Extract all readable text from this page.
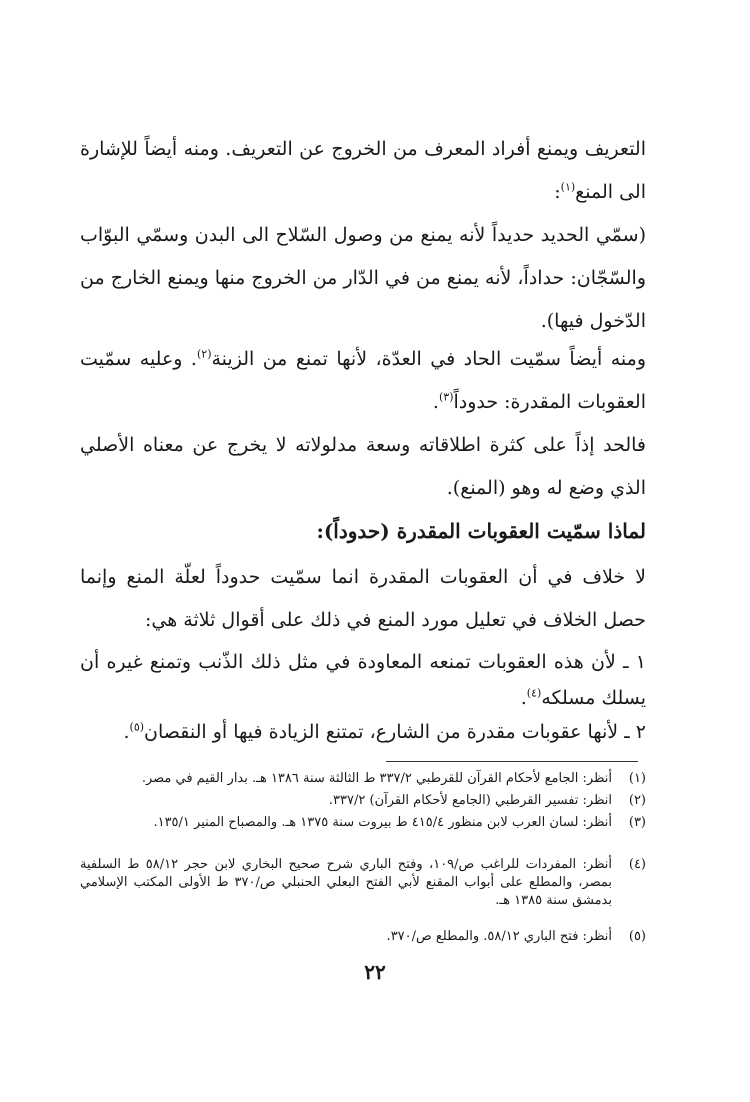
التعريف ويمنع أفراد المعرف من الخروج عن التعريف. ومنه أيضاً للإشارة الى المنع$^{(١)}$:

(سمّي الحديد حديداً لأنه يمنع من وصول السّلاح الى البدن وسمّي البوّاب والسّجّان: حداداً، لأنه يمنع من في الدّار من الخروج منها ويمنع الخارج من الدّخول فيها).

ومنه أيضاً سمّيت الحاد في العدّة، لأنها تمنع من الزينة$^{(٢)}$. وعليه سمّيت العقوبات المقدرة: حدوداً$^{(٣)}$.

فالحد إذاً على كثرة اطلاقاته وسعة مدلولاته لا يخرج عن معناه الأصلي الذي وضع له وهو (المنع).

لماذا سمّيت العقوبات المقدرة (حدوداً):

لا خلاف في أن العقوبات المقدرة انما سمّيت حدوداً لعلّة المنع وإنما حصل الخلاف في تعليل مورد المنع في ذلك على أقوال ثلاثة هي:

١ ـ لأن هذه العقوبات تمنعه المعاودة في مثل ذلك الذّنب وتمنع غيره أن يسلك مسلكه$^{(٤)}$.

٢ ـ لأنها عقوبات مقدرة من الشارع، تمتنع الزيادة فيها أو النقصان$^{(٥)}$.

(١)
أنظر: الجامع لأحكام القرآن للقرطبي ٣٣٧/٢ ط الثالثة سنة ١٣٨٦ هـ. بدار القيم في مصر.
(٢)
انظر: تفسير القرطبي (الجامع لأحكام القرآن) ٣٣٧/٢.
(٣)
أنظر: لسان العرب لابن منظور ٤١٥/٤ ط بيروت سنة ١٣٧٥ هـ. والمصباح المنير ١٣٥/١.
(٤)
أنظر: المفردات للراغب ص/١٠٩، وفتح الباري شرح صحيح البخاري لابن حجر ٥٨/١٢ ط السلفية بمصر، والمطلع على أبواب المقنع لأبي الفتح البعلي الحنبلي ص/٣٧٠ ط الأولى المكتب الإسلامي بدمشق سنة ١٣٨٥ هـ.
(٥)
أنظر: فتح الباري ٥٨/١٢. والمطلع ص/٣٧٠.
٢٢
